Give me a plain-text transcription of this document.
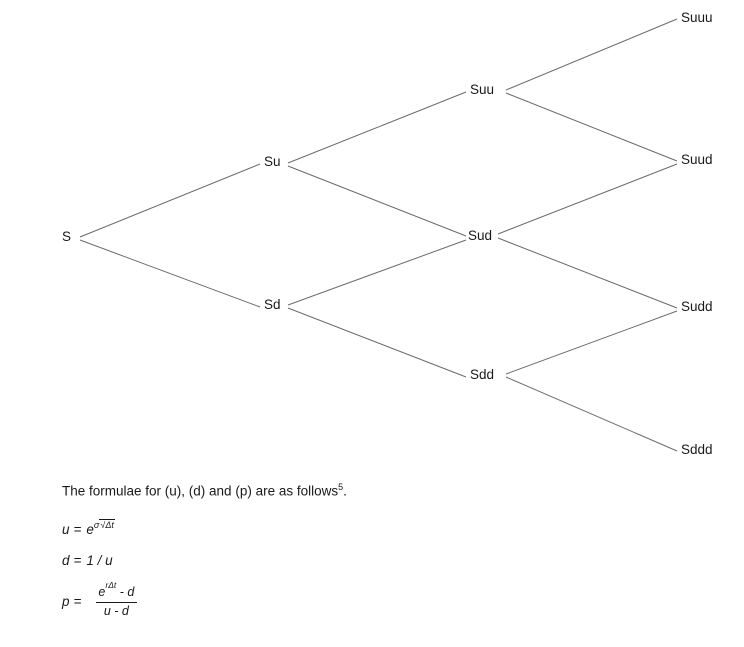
S
Su
Sd
Suu
Sud
Sdd
Suuu
Suud
Sudd
Sddd

The formulae for (u), (d) and (p) are as follows$^5$.

u = e σ√Δt
d = 1 / u
$p = \frac{e^{r\Delta t} - d}{u - d}$
